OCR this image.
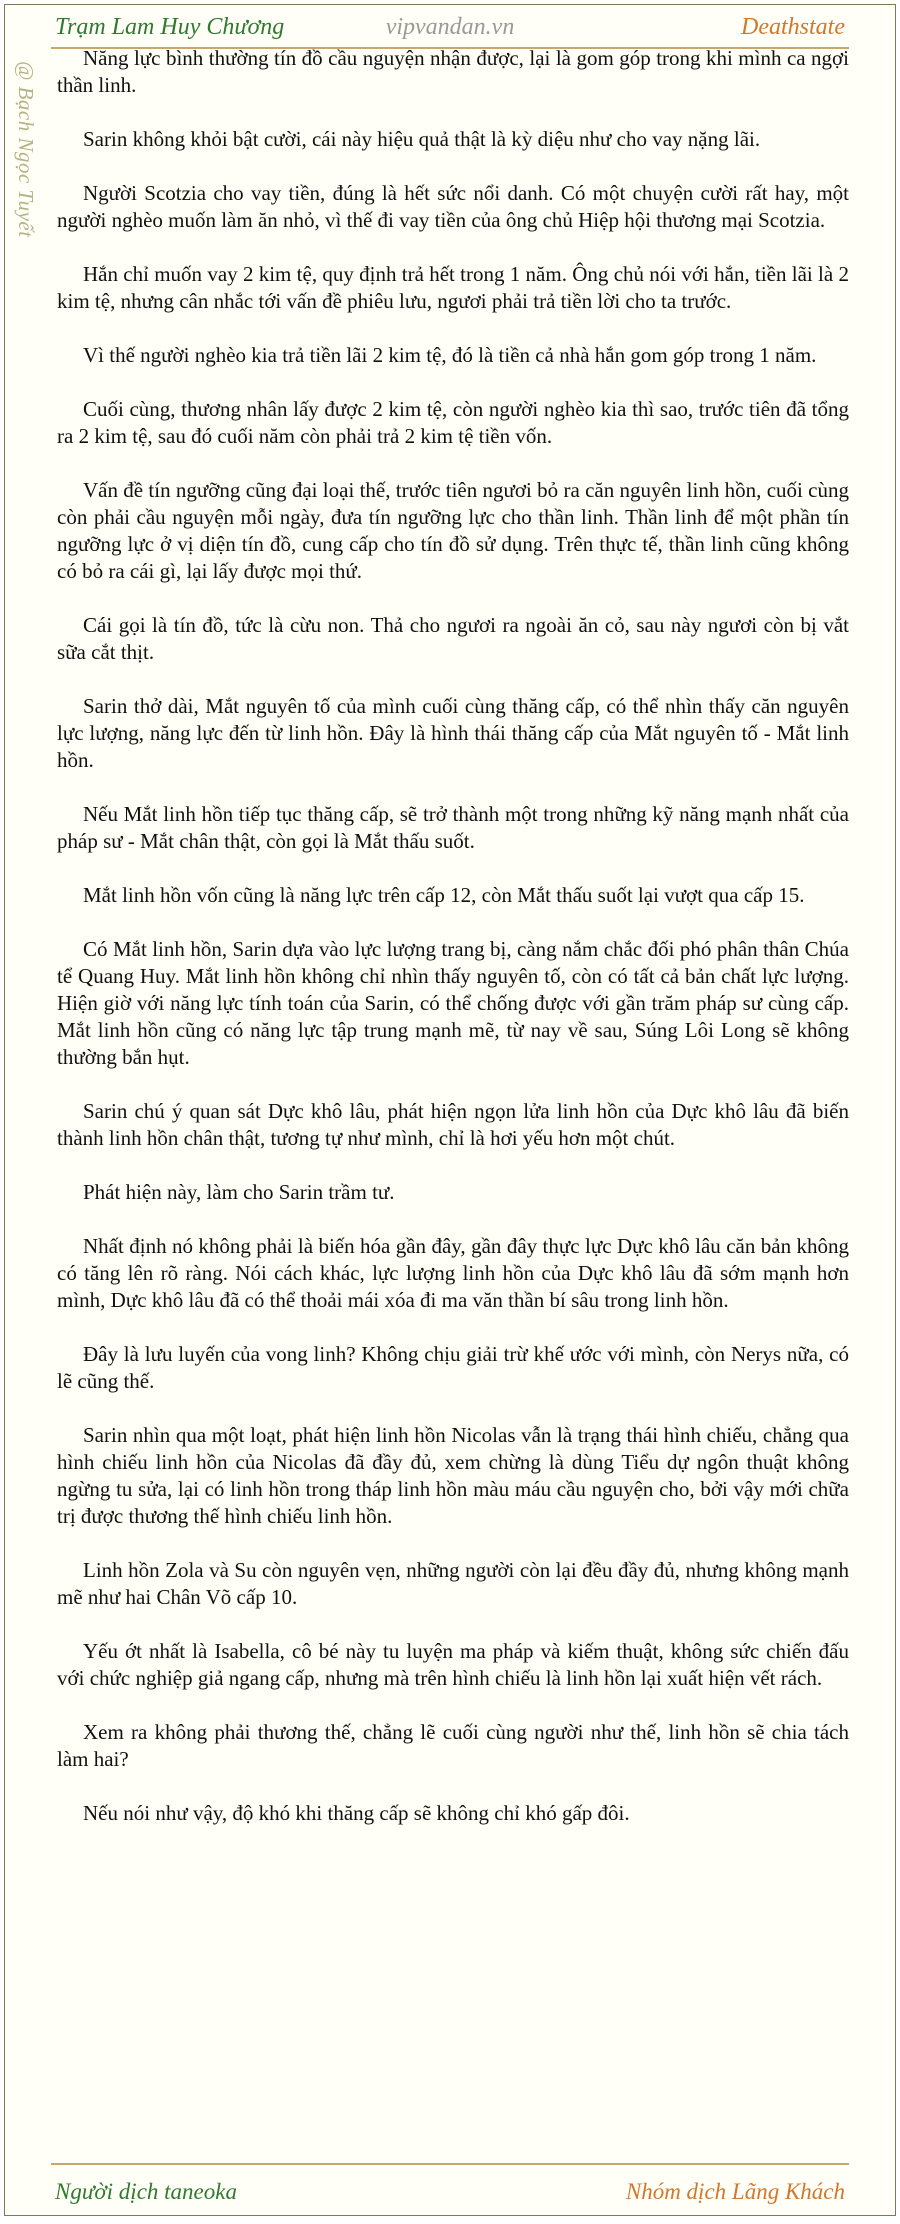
Trạm Lam Huy Chương	vipvandan.vn	Deathstate
@ Bạch Ngọc Tuyết

Năng lực bình thường tín đồ cầu nguyện nhận được, lại là gom góp trong khi mình ca ngợi thần linh.

Sarin không khỏi bật cười, cái này hiệu quả thật là kỳ diệu như cho vay nặng lãi.

Người Scotzia cho vay tiền, đúng là hết sức nổi danh. Có một chuyện cười rất hay, một người nghèo muốn làm ăn nhỏ, vì thế đi vay tiền của ông chủ Hiệp hội thương mại Scotzia.

Hắn chỉ muốn vay 2 kim tệ, quy định trả hết trong 1 năm. Ông chủ nói với hắn, tiền lãi là 2 kim tệ, nhưng cân nhắc tới vấn đề phiêu lưu, ngươi phải trả tiền lời cho ta trước.

Vì thế người nghèo kia trả tiền lãi 2 kim tệ, đó là tiền cả nhà hắn gom góp trong 1 năm.

Cuối cùng, thương nhân lấy được 2 kim tệ, còn người nghèo kia thì sao, trước tiên đã tổng ra 2 kim tệ, sau đó cuối năm còn phải trả 2 kim tệ tiền vốn.

Vấn đề tín ngưỡng cũng đại loại thế, trước tiên ngươi bỏ ra căn nguyên linh hồn, cuối cùng còn phải cầu nguyện mỗi ngày, đưa tín ngưỡng lực cho thần linh. Thần linh để một phần tín ngưỡng lực ở vị diện tín đồ, cung cấp cho tín đồ sử dụng. Trên thực tế, thần linh cũng không có bỏ ra cái gì, lại lấy được mọi thứ.

Cái gọi là tín đồ, tức là cừu non. Thả cho ngươi ra ngoài ăn cỏ, sau này ngươi còn bị vắt sữa cắt thịt.

Sarin thở dài, Mắt nguyên tố của mình cuối cùng thăng cấp, có thể nhìn thấy căn nguyên lực lượng, năng lực đến từ linh hồn. Đây là hình thái thăng cấp của Mắt nguyên tố - Mắt linh hồn.

Nếu Mắt linh hồn tiếp tục thăng cấp, sẽ trở thành một trong những kỹ năng mạnh nhất của pháp sư - Mắt chân thật, còn gọi là Mắt thấu suốt.

Mắt linh hồn vốn cũng là năng lực trên cấp 12, còn Mắt thấu suốt lại vượt qua cấp 15.

Có Mắt linh hồn, Sarin dựa vào lực lượng trang bị, càng nắm chắc đối phó phân thân Chúa tể Quang Huy. Mắt linh hồn không chỉ nhìn thấy nguyên tố, còn có tất cả bản chất lực lượng. Hiện giờ với năng lực tính toán của Sarin, có thể chống được với gần trăm pháp sư cùng cấp. Mắt linh hồn cũng có năng lực tập trung mạnh mẽ, từ nay về sau, Súng Lôi Long sẽ không thường bắn hụt.

Sarin chú ý quan sát Dực khô lâu, phát hiện ngọn lửa linh hồn của Dực khô lâu đã biến thành linh hồn chân thật, tương tự như mình, chỉ là hơi yếu hơn một chút.

Phát hiện này, làm cho Sarin trầm tư.

Nhất định nó không phải là biến hóa gần đây, gần đây thực lực Dực khô lâu căn bản không có tăng lên rõ ràng. Nói cách khác, lực lượng linh hồn của Dực khô lâu đã sớm mạnh hơn mình, Dực khô lâu đã có thể thoải mái xóa đi ma văn thần bí sâu trong linh hồn.

Đây là lưu luyến của vong linh? Không chịu giải trừ khế ước với mình, còn Nerys nữa, có lẽ cũng thế.

Sarin nhìn qua một loạt, phát hiện linh hồn Nicolas vẫn là trạng thái hình chiếu, chẳng qua hình chiếu linh hồn của Nicolas đã đầy đủ, xem chừng là dùng Tiểu dự ngôn thuật không ngừng tu sửa, lại có linh hồn trong tháp linh hồn màu máu cầu nguyện cho, bởi vậy mới chữa trị được thương thế hình chiếu linh hồn.

Linh hồn Zola và Su còn nguyên vẹn, những người còn lại đều đầy đủ, nhưng không mạnh mẽ như hai Chân Võ cấp 10.

Yếu ớt nhất là Isabella, cô bé này tu luyện ma pháp và kiếm thuật, không sức chiến đấu với chức nghiệp giả ngang cấp, nhưng mà trên hình chiếu là linh hồn lại xuất hiện vết rách.

Xem ra không phải thương thế, chẳng lẽ cuối cùng người như thế, linh hồn sẽ chia tách làm hai?

Nếu nói như vậy, độ khó khi thăng cấp sẽ không chỉ khó gấp đôi.

Người dịch taneoka	Nhóm dịch Lãng Khách
